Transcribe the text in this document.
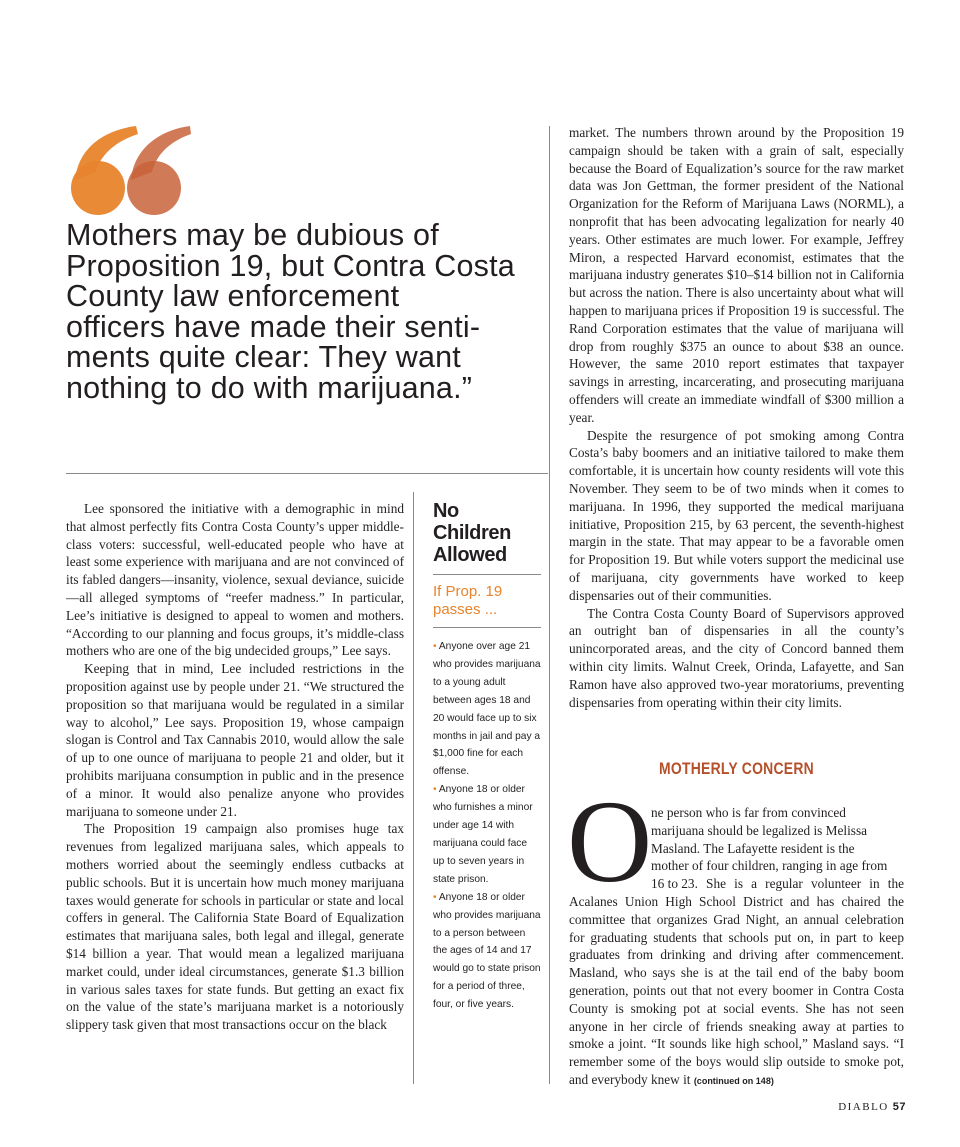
Mothers may be dubious of
Proposition 19, but Contra Costa
County law enforcement
officers have made their senti-
ments quite clear: They want
nothing to do with marijuana.”

Lee sponsored the initiative with a demographic in mind that almost perfectly fits Contra Costa County’s upper middle-class voters: successful, well-educated people who have at least some experience with marijuana and are not convinced of its fabled dangers—insanity, violence, sexual deviance, suicide—all alleged symptoms of “reefer madness.” In particular, Lee’s initiative is designed to appeal to women and mothers. “According to our planning and focus groups, it’s middle-class mothers who are one of the big undecided groups,” Lee says.

Keeping that in mind, Lee included restrictions in the proposition against use by people under 21. “We structured the proposition so that marijuana would be regulated in a similar way to alcohol,” Lee says. Proposition 19, whose campaign slogan is Control and Tax Cannabis 2010, would allow the sale of up to one ounce of marijuana to people 21 and older, but it prohibits marijuana consumption in public and in the presence of a minor. It would also penalize anyone who provides marijuana to someone under 21.

The Proposition 19 campaign also promises huge tax revenues from legalized marijuana sales, which appeals to mothers worried about the seemingly endless cutbacks at public schools. But it is uncertain how much money marijuana taxes would generate for schools in particular or state and local coffers in general. The California State Board of Equalization estimates that marijuana sales, both legal and illegal, generate $14 billion a year. That would mean a legalized marijuana market could, under ideal circumstances, generate $1.3 billion in various sales taxes for state funds. But getting an exact fix on the value of the state’s marijuana market is a notoriously slippery task given that most transactions occur on the black

No
Children
Allowed
If Prop. 19
passes ...
• Anyone over age 21 who provides marijuana to a young adult between ages 18 and 20 would face up to six months in jail and pay a $1,000 fine for each offense.
• Anyone 18 or older who furnishes a minor under age 14 with marijuana could face up to seven years in state prison.
• Anyone 18 or older who provides marijuana to a person between the ages of 14 and 17 would go to state prison for a period of three, four, or five years.

market. The numbers thrown around by the Proposition 19 campaign should be taken with a grain of salt, especially because the Board of Equalization’s source for the raw market data was Jon Gettman, the former president of the National Organization for the Reform of Marijuana Laws (NORML), a nonprofit that has been advocating legalization for nearly 40 years. Other estimates are much lower. For example, Jeffrey Miron, a respected Harvard economist, estimates that the marijuana industry generates $10–$14 billion not in California but across the nation. There is also uncertainty about what will happen to marijuana prices if Proposition 19 is successful. The Rand Corporation estimates that the value of marijuana will drop from roughly $375 an ounce to about $38 an ounce. However, the same 2010 report estimates that taxpayer savings in arresting, incarcerating, and prosecuting marijuana offenders will create an immediate windfall of $300 million a year.

Despite the resurgence of pot smoking among Contra Costa’s baby boomers and an initiative tailored to make them comfortable, it is uncertain how county residents will vote this November. They seem to be of two minds when it comes to marijuana. In 1996, they supported the medical marijuana initiative, Proposition 215, by 63 percent, the seventh-highest margin in the state. That may appear to be a favorable omen for Proposition 19. But while voters support the medicinal use of marijuana, city governments have worked to keep dispensaries out of their communities.

The Contra Costa County Board of Supervisors approved an outright ban of dispensaries in all the county’s unincorporated areas, and the city of Concord banned them within city limits. Walnut Creek, Orinda, Lafayette, and San Ramon have also approved two-year moratoriums, preventing dispensaries from operating within their city limits.

MOTHERLY CONCERN
O

ne person who is far from convinced
marijuana should be legalized is Melissa
Masland. The Lafayette resident is the
mother of four children, ranging in age from
16 to 23. She is a regular volunteer in the Acalanes Union High School District and has chaired the committee that organizes Grad Night, an annual celebration for graduating students that schools put on, in part to keep graduates from drinking and driving after commencement. Masland, who says she is at the tail end of the baby boom generation, points out that not every boomer in Contra Costa County is smoking pot at social events. She has not seen anyone in her circle of friends sneaking away at parties to smoke a joint. “It sounds like high school,” Masland says. “I remember some of the boys would slip outside to smoke pot, and everybody knew it (continued on 148)

DIABLO 57
